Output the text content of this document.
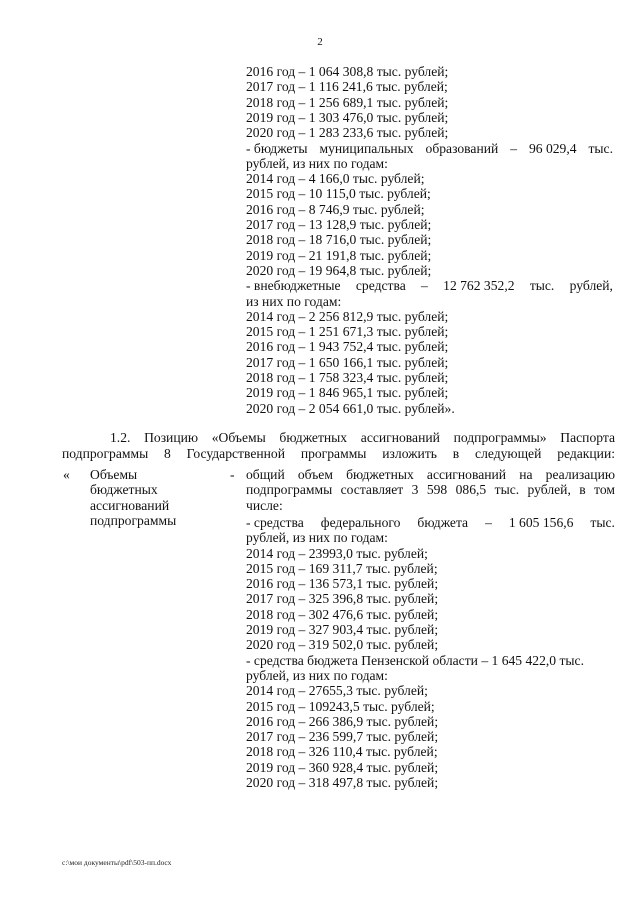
2
2016 год – 1 064 308,8 тыс. рублей;
2017 год – 1 116 241,6 тыс. рублей;
2018 год – 1 256 689,1 тыс. рублей;
2019 год – 1 303 476,0 тыс. рублей;
2020 год – 1 283 233,6 тыс. рублей;
- бюджеты муниципальных образований – 96 029,4 тыс.
рублей, из них по годам:
2014 год – 4 166,0 тыс. рублей;
2015 год – 10 115,0 тыс. рублей;
2016 год – 8 746,9 тыс. рублей;
2017 год – 13 128,9 тыс. рублей;
2018 год – 18 716,0 тыс. рублей;
2019 год – 21 191,8 тыс. рублей;
2020 год – 19 964,8 тыс. рублей;
- внебюджетные средства – 12 762 352,2 тыс. рублей,
из них по годам:
2014 год – 2 256 812,9 тыс. рублей;
2015 год – 1 251 671,3 тыс. рублей;
2016 год – 1 943 752,4 тыс. рублей;
2017 год – 1 650 166,1 тыс. рублей;
2018 год – 1 758 323,4 тыс. рублей;
2019 год – 1 846 965,1 тыс. рублей;
2020 год – 2 054 661,0 тыс. рублей».
1.2. Позицию «Объемы бюджетных ассигнований подпрограммы» Паспорта
подпрограммы 8 Государственной программы изложить в следующей редакции:
« Объемы
бюджетных
ассигнований
подпрограммы
- общий объем бюджетных ассигнований на реализацию
подпрограммы составляет 3 598 086,5 тыс. рублей, в том
числе:
- средства федерального бюджета – 1 605 156,6 тыс.
рублей, из них по годам:
2014 год – 23993,0 тыс. рублей;
2015 год – 169 311,7 тыс. рублей;
2016 год – 136 573,1 тыс. рублей;
2017 год – 325 396,8 тыс. рублей;
2018 год – 302 476,6 тыс. рублей;
2019 год – 327 903,4 тыс. рублей;
2020 год – 319 502,0 тыс. рублей;
- средства бюджета Пензенской области – 1 645 422,0 тыс.
рублей, из них по годам:
2014 год – 27655,3 тыс. рублей;
2015 год – 109243,5 тыс. рублей;
2016 год – 266 386,9 тыс. рублей;
2017 год – 236 599,7 тыс. рублей;
2018 год – 326 110,4 тыс. рублей;
2019 год – 360 928,4 тыс. рублей;
2020 год – 318 497,8 тыс. рублей;
c:\мои документы\pdf\503-пп.docx
